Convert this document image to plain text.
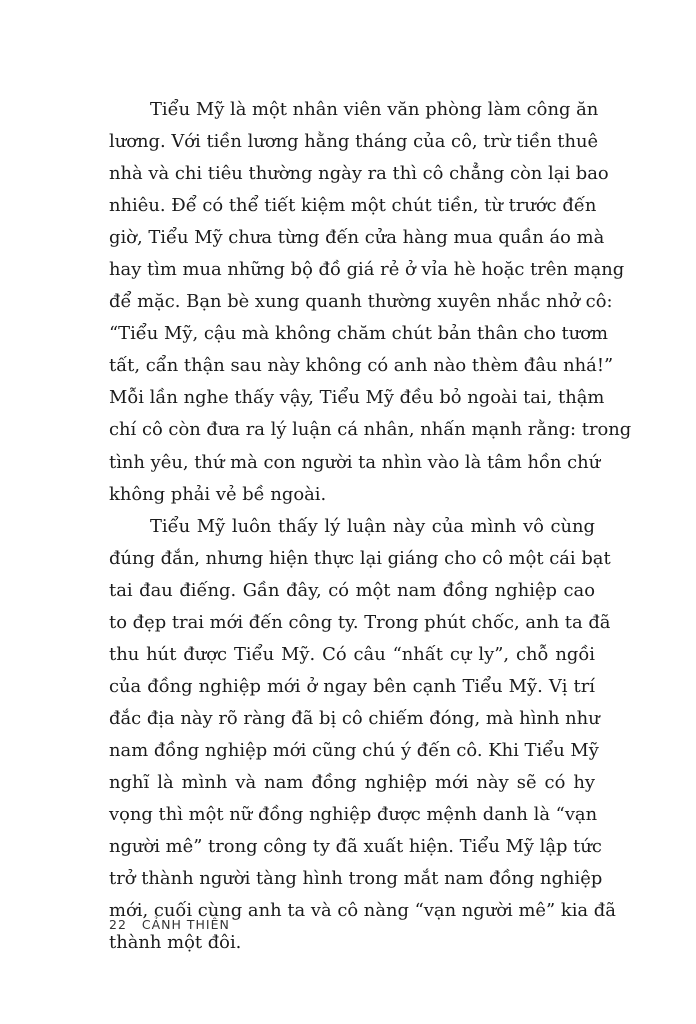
Tiểu Mỹ là một nhân viên văn phòng làm công ăn
lương. Với tiền lương hằng tháng của cô, trừ tiền thuê
nhà và chi tiêu thường ngày ra thì cô chẳng còn lại bao
nhiêu. Để có thể tiết kiệm một chút tiền, từ trước đến
giờ, Tiểu Mỹ chưa từng đến cửa hàng mua quần áo mà
hay tìm mua những bộ đồ giá rẻ ở vỉa hè hoặc trên mạng
để mặc. Bạn bè xung quanh thường xuyên nhắc nhở cô:
“Tiểu Mỹ, cậu mà không chăm chút bản thân cho tươm
tất, cẩn thận sau này không có anh nào thèm đâu nhá!”
Mỗi lần nghe thấy vậy, Tiểu Mỹ đều bỏ ngoài tai, thậm
chí cô còn đưa ra lý luận cá nhân, nhấn mạnh rằng: trong
tình yêu, thứ mà con người ta nhìn vào là tâm hồn chứ
không phải vẻ bề ngoài.
Tiểu Mỹ luôn thấy lý luận này của mình vô cùng
đúng đắn, nhưng hiện thực lại giáng cho cô một cái bạt
tai đau điếng. Gần đây, có một nam đồng nghiệp cao
to đẹp trai mới đến công ty. Trong phút chốc, anh ta đã
thu hút được Tiểu Mỹ. Có câu “nhất cự ly”, chỗ ngồi
của đồng nghiệp mới ở ngay bên cạnh Tiểu Mỹ. Vị trí
đắc địa này rõ ràng đã bị cô chiếm đóng, mà hình như
nam đồng nghiệp mới cũng chú ý đến cô. Khi Tiểu Mỹ
nghĩ là mình và nam đồng nghiệp mới này sẽ có hy
vọng thì một nữ đồng nghiệp được mệnh danh là “vạn
người mê” trong công ty đã xuất hiện. Tiểu Mỹ lập tức
trở thành người tàng hình trong mắt nam đồng nghiệp
mới, cuối cùng anh ta và cô nàng “vạn người mê” kia đã
thành một đôi.
22 CẢNH THIÊN
